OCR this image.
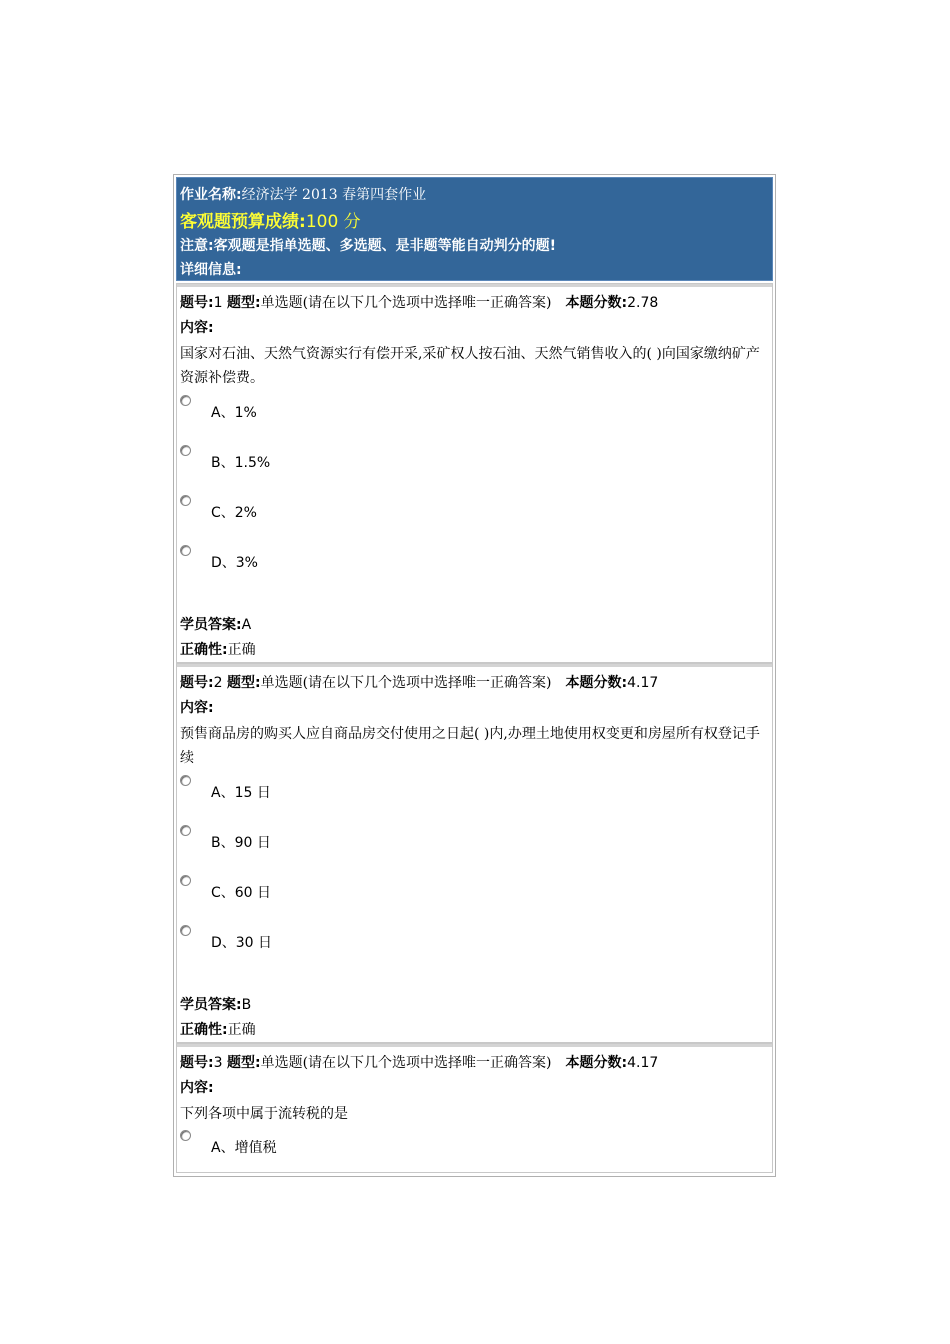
作业名称:经济法学 2013 春第四套作业
客观题预算成绩:100 分
注意:客观题是指单选题、多选题、是非题等能自动判分的题!
详细信息:
题号:1 题型:单选题(请在以下几个选项中选择唯一正确答案) 本题分数:2.78
内容:
国家对石油、天然气资源实行有偿开采,采矿权人按石油、天然气销售收入的( )向国家缴纳矿产资源补偿费。
A、1%
B、1.5%
C、2%
D、3%
学员答案:A
正确性:正确
题号:2 题型:单选题(请在以下几个选项中选择唯一正确答案) 本题分数:4.17
内容:
预售商品房的购买人应自商品房交付使用之日起( )内,办理土地使用权变更和房屋所有权登记手续
A、15 日
B、90 日
C、60 日
D、30 日
学员答案:B
正确性:正确
题号:3 题型:单选题(请在以下几个选项中选择唯一正确答案) 本题分数:4.17
内容:
下列各项中属于流转税的是
A、增值税
